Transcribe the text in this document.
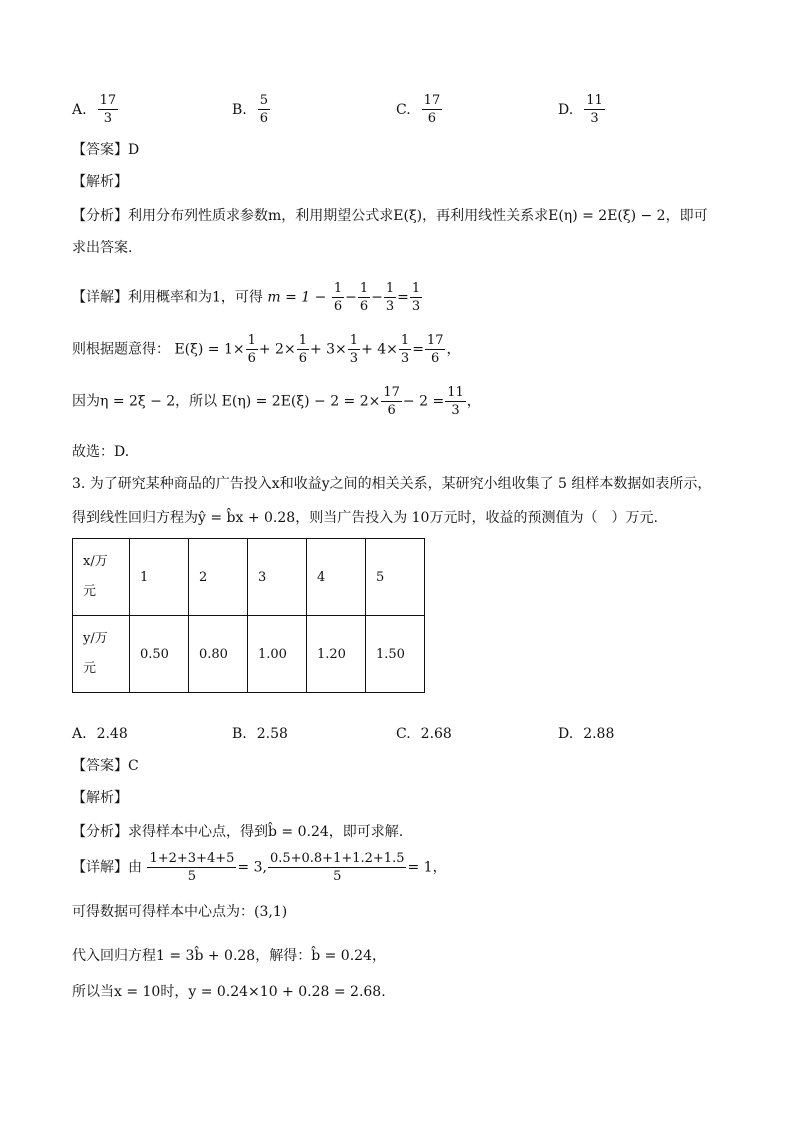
A. $\frac{17}{3}$	B. $\frac{5}{6}$	C. $\frac{17}{6}$	D. $\frac{11}{3}$
【答案】D
【解析】
【分析】利用分布列性质求参数m，利用期望公式求E(ξ)，再利用线性关系求E(η) = 2E(ξ) − 2，即可
求出答案.
【详解】利用概率和为1，可得 $m = 1 - \frac{1}{6} - \frac{1}{6} - \frac{1}{3} = \frac{1}{3}$
则根据题意得： $E(\xi) = 1\times \frac{1}{6} + 2\times \frac{1}{6} + 3\times \frac{1}{3} + 4\times \frac{1}{3} = \frac{17}{6}$ ，
因为η = 2ξ − 2，所以 $E(\eta) = 2E(\xi) - 2 = 2\times \frac{17}{6} - 2 = \frac{11}{3}$ ，
故选：D.
3. 为了研究某种商品的广告投入x和收益y之间的相关关系，某研究小组收集了 5 组样本数据如表所示，
得到线性回归方程为ŷ = b̂x + 0.28，则当广告投入为 10万元时，收益的预测值为（　）万元.
x/万
元	1	2	3	4	5
y/万
元	0.50	0.80	1.00	1.20	1.50
A. 2.48	B. 2.58	C. 2.68	D. 2.88
【答案】C
【解析】
【分析】求得样本中心点，得到b̂ = 0.24，即可求解.
【详解】由 $\frac{1+2+3+4+5}{5} = 3$, $\frac{0.5+0.8+1+1.2+1.5}{5} = 1$，
可得数据可得样本中心点为：(3,1)
代入回归方程1 = 3b̂ + 0.28，解得：b̂ = 0.24，
所以当x = 10时，y = 0.24×10 + 0.28 = 2.68.
